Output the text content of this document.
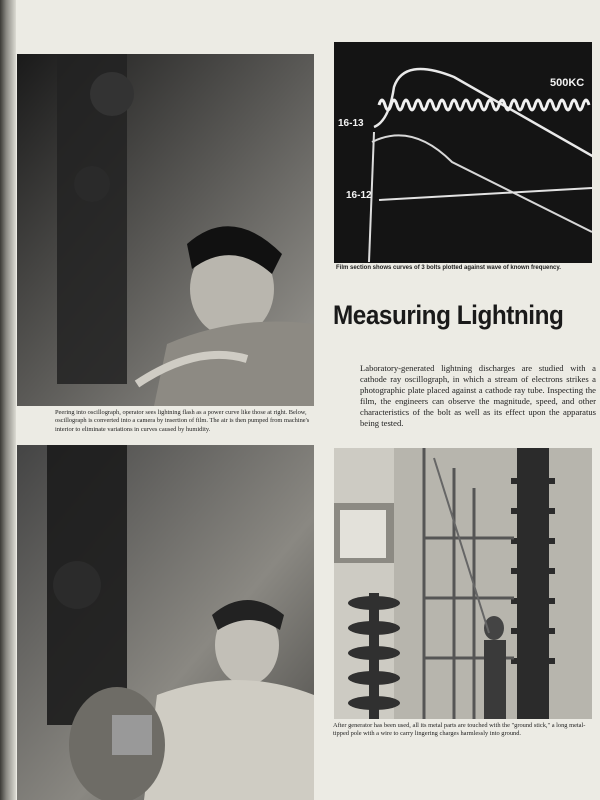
500KC
16-13
16-12

Film section shows curves of 3 bolts plotted against wave of known frequency.

Measuring Lightning

Laboratory-generated lightning discharges are studied with a cathode ray oscillograph, in which a stream of electrons strikes a photographic plate placed against a cathode ray tube. Inspecting the film, the engineers can observe the magnitude, speed, and other characteristics of the bolt as well as its effect upon the apparatus being tested.

Peering into oscillograph, operator sees lightning flash as a power curve like those at right. Below, oscillograph is converted into a camera by insertion of film. The air is then pumped from machine's interior to eliminate variations in curves caused by humidity.

After generator has been used, all its metal parts are touched with the "ground stick," a long metal-tipped pole with a wire to carry lingering charges harmlessly into ground.
